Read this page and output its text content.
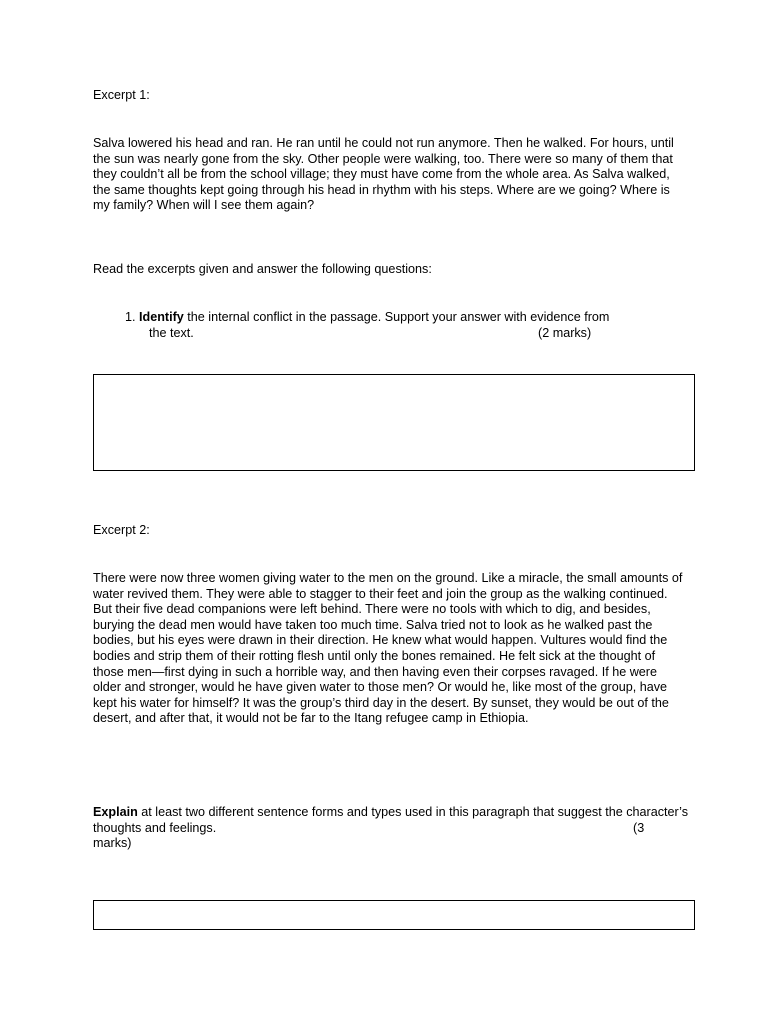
Excerpt 1:

Salva lowered his head and ran. He ran until he could not run anymore. Then he walked. For hours, until the sun was nearly gone from the sky. Other people were walking, too. There were so many of them that they couldn’t all be from the school village; they must have come from the whole area. As Salva walked, the same thoughts kept going through his head in rhythm with his steps. Where are we going? Where is my family? When will I see them again?

Read the excerpts given and answer the following questions:

1. Identify the internal conflict in the passage. Support your answer with evidence from
the text.	(2 marks)

Excerpt 2:

There were now three women giving water to the men on the ground. Like a miracle, the small amounts of water revived them. They were able to stagger to their feet and join the group as the walking continued. But their five dead companions were left behind. There were no tools with which to dig, and besides, burying the dead men would have taken too much time. Salva tried not to look as he walked past the bodies, but his eyes were drawn in their direction. He knew what would happen. Vultures would find the bodies and strip them of their rotting flesh until only the bones remained. He felt sick at the thought of those men—first dying in such a horrible way, and then having even their corpses ravaged. If he were older and stronger, would he have given water to those men? Or would he, like most of the group, have kept his water for himself? It was the group’s third day in the desert. By sunset, they would be out of the desert, and after that, it would not be far to the Itang refugee camp in Ethiopia.

Explain at least two different sentence forms and types used in this paragraph that suggest the character’s thoughts and feelings.	(3
marks)
